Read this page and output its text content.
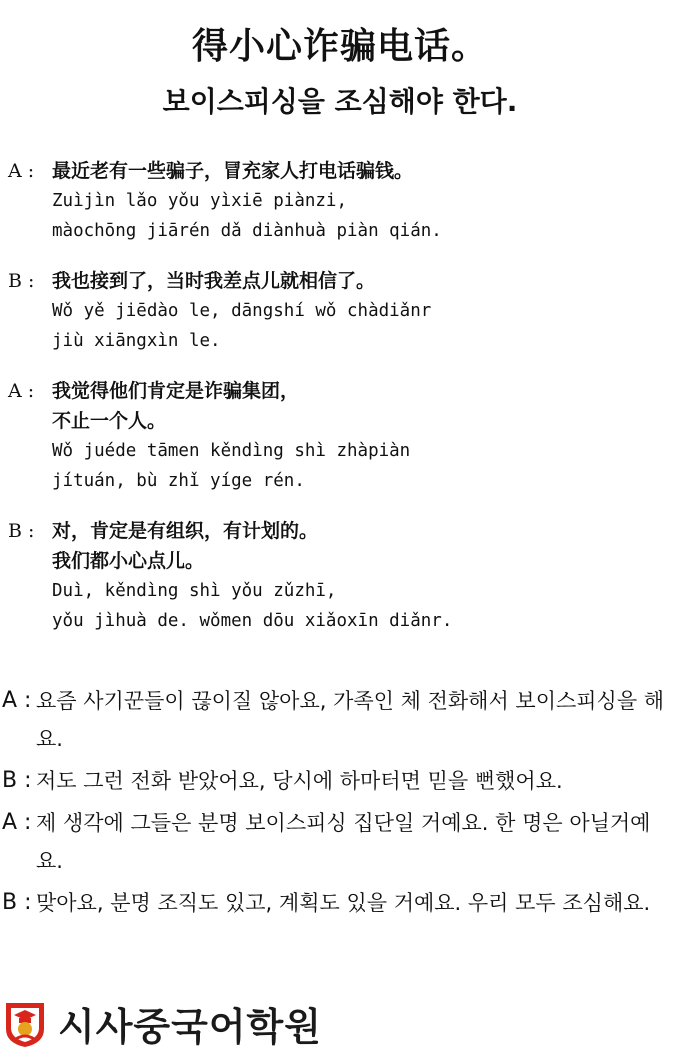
得小心诈骗电话。
보이스피싱을 조심해야 한다.
A : 最近老有一些骗子，冒充家人打电话骗钱。
Zuìjìn lǎo yǒu yìxiē piànzi,
màochōng jiārén dǎ diànhuà piàn qián.
B : 我也接到了，当时我差点儿就相信了。
Wǒ yě jiēdào le, dāngshí wǒ chàdiǎnr
jiù xiāngxìn le.
A : 我觉得他们肯定是诈骗集团，
不止一个人。
Wǒ juéde tāmen kěndìng shì zhàpiàn
jítuán, bù zhǐ yíge rén.
B : 对，肯定是有组织，有计划的。
我们都小心点儿。
Duì, kěndìng shì yǒu zǔzhī,
yǒu jìhuà de. wǒmen dōu xiǎoxīn diǎnr.
A : 요즘 사기꾼들이 끊이질 않아요, 가족인 체 전화해서 보이스피싱을 해요.
B : 저도 그런 전화 받았어요, 당시에 하마터면 믿을 뻔했어요.
A : 제 생각에 그들은 분명 보이스피싱 집단일 거예요. 한 명은 아닐거예요.
B : 맞아요, 분명 조직도 있고, 계획도 있을 거예요. 우리 모두 조심해요.
시사중국어학원
